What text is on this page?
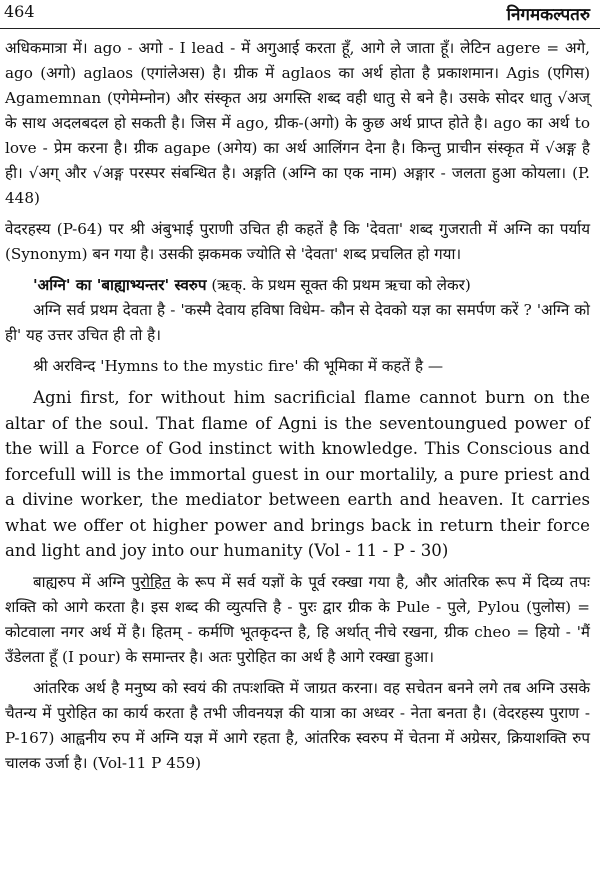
464	निगमकल्पतरु

अधिकमात्रा में। ago - अगो - I lead - में अगुआई करता हूँ, आगे ले जाता हूँ। लेटिन agere = अगे, ago (अगो) aglaos (एगांलेअस) है। ग्रीक में aglaos का अर्थ होता है प्रकाशमान। Agis (एगिस) Agamemnan (एगेमेम्नोन) और संस्कृत अग्र अगस्ति शब्द वही धातु से बने है। उसके सोदर धातु √अज् के साथ अदलबदल हो सकती है। जिस में ago, ग्रीक-(अगो) के कुछ अर्थ प्राप्त होते है। ago का अर्थ to love - प्रेम करना है। ग्रीक agape (अगेय) का अर्थ आलिंगन देना है। किन्तु प्राचीन संस्कृत में √अङ्ग है ही। √अग् और √अङ्ग परस्पर संबन्धित है। अङ्गति (अग्नि का एक नाम) अङ्गार - जलता हुआ कोयला। (P. 448)

वेदरहस्य (P-64) पर श्री अंबुभाई पुराणी उचित ही कहतें है कि 'देवता' शब्द गुजराती में अग्नि का पर्याय (Synonym) बन गया है। उसकी झकमक ज्योति से 'देवता' शब्द प्रचलित हो गया।

'अग्नि' का 'बाह्याभ्यन्तर' स्वरुप (ऋक्. के प्रथम सूक्त की प्रथम ऋचा को लेकर)

अग्नि सर्व प्रथम देवता है - 'कस्मै देवाय हविषा विधेम- कौन से देवको यज्ञ का समर्पण करें ? 'अग्नि को ही' यह उत्तर उचित ही तो है।

श्री अरविन्द 'Hymns to the mystic fire' की भूमिका में कहतें है —

Agni first, for without him sacrificial flame cannot burn on the altar of the soul. That flame of Agni is the seventoungued power of the will a Force of God instinct with knowledge. This Conscious and forcefull will is the immortal guest in our mortalily, a pure priest and a divine worker, the mediator between earth and heaven. It carries what we offer ot higher power and brings back in return their force and light and joy into our humanity (Vol - 11 - P - 30)

बाह्यरुप में अग्नि पुरोहित के रूप में सर्व यज्ञों के पूर्व रक्खा गया है, और आंतरिक रूप में दिव्य तपः शक्ति को आगे करता है। इस शब्द की व्युत्पत्ति है - पुरः द्वार ग्रीक के Pule - पुले, Pylou (पुलोस) = कोटवाला नगर अर्थ में है। हितम् - कर्मणि भूतकृदन्त है, हि अर्थात् नीचे रखना, ग्रीक cheo = हियो - 'मैं उँडेलता हूँ (I pour) के समान्तर है। अतः पुरोहित का अर्थ है आगे रक्खा हुआ।

आंतरिक अर्थ है मनुष्य को स्वयं की तपःशक्ति में जाग्रत करना। वह सचेतन बनने लगे तब अग्नि उसके चैतन्य में पुरोहित का कार्य करता है तभी जीवनयज्ञ की यात्रा का अध्वर - नेता बनता है। (वेदरहस्य पुराण - P-167) आह्वनीय रुप में अग्नि यज्ञ में आगे रहता है, आंतरिक स्वरुप में चेतना में अग्रेसर, क्रियाशक्ति रुप चालक उर्जा है। (Vol-11 P 459)
